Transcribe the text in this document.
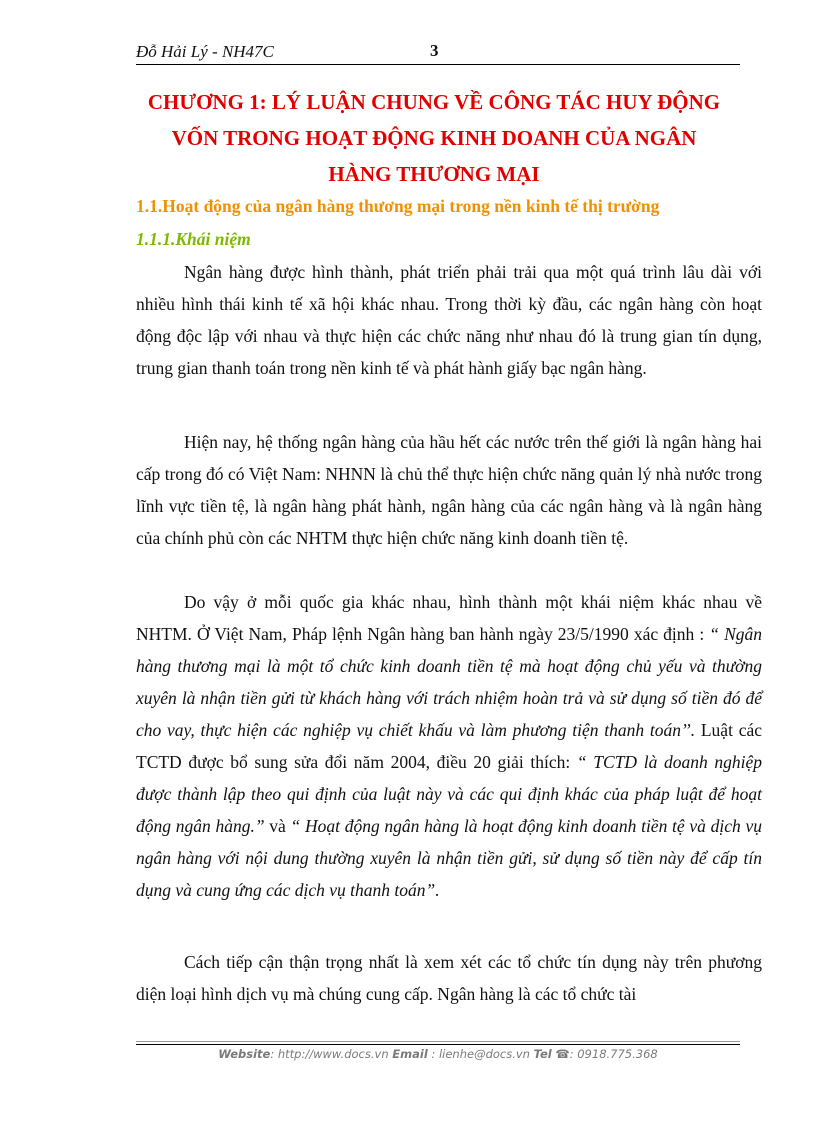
Đỗ Hải Lý - NH47C	3
CHƯƠNG 1: LÝ LUẬN CHUNG VỀ CÔNG TÁC HUY ĐỘNG
VỐN TRONG HOẠT ĐỘNG KINH DOANH CỦA NGÂN
HÀNG THƯƠNG MẠI
1.1.Hoạt động của ngân hàng thương mại trong nền kinh tế thị trường
1.1.1.Khái niệm

Ngân hàng được hình thành, phát triển phải trải qua một quá trình lâu dài với nhiều hình thái kinh tế xã hội khác nhau. Trong thời kỳ đầu, các ngân hàng còn hoạt động độc lập với nhau và thực hiện các chức năng như nhau đó là trung gian tín dụng, trung gian thanh toán trong nền kinh tế và phát hành giấy bạc ngân hàng.

Hiện nay, hệ thống ngân hàng của hầu hết các nước trên thế giới là ngân hàng hai cấp trong đó có Việt Nam: NHNN là chủ thể thực hiện chức năng quản lý nhà nước trong lĩnh vực tiền tệ, là ngân hàng phát hành, ngân hàng của các ngân hàng và là ngân hàng của chính phủ còn các NHTM thực hiện chức năng kinh doanh tiền tệ.

Do vậy ở mỗi quốc gia khác nhau, hình thành một khái niệm khác nhau về NHTM. Ở Việt Nam, Pháp lệnh Ngân hàng ban hành ngày 23/5/1990 xác định : “ Ngân hàng thương mại là một tổ chức kinh doanh tiền tệ mà hoạt động chủ yếu và thường xuyên là nhận tiền gửi từ khách hàng với trách nhiệm hoàn trả và sử dụng số tiền đó để cho vay, thực hiện các nghiệp vụ chiết khấu và làm phương tiện thanh toán’’. Luật các TCTD được bổ sung sửa đổi năm 2004, điều 20 giải thích: “ TCTD là doanh nghiệp được thành lập theo qui định của luật này và các qui định khác của pháp luật để hoạt động ngân hàng.” và “ Hoạt động ngân hàng là hoạt động kinh doanh tiền tệ và dịch vụ ngân hàng với nội dung thường xuyên là nhận tiền gửi, sử dụng số tiền này để cấp tín dụng và cung ứng các dịch vụ thanh toán”.

Cách tiếp cận thận trọng nhất là xem xét các tổ chức tín dụng này trên phương diện loại hình dịch vụ mà chúng cung cấp. Ngân hàng là các tổ chức tài

Website: http://www.docs.vn Email : lienhe@docs.vn Tel ☎: 0918.775.368
